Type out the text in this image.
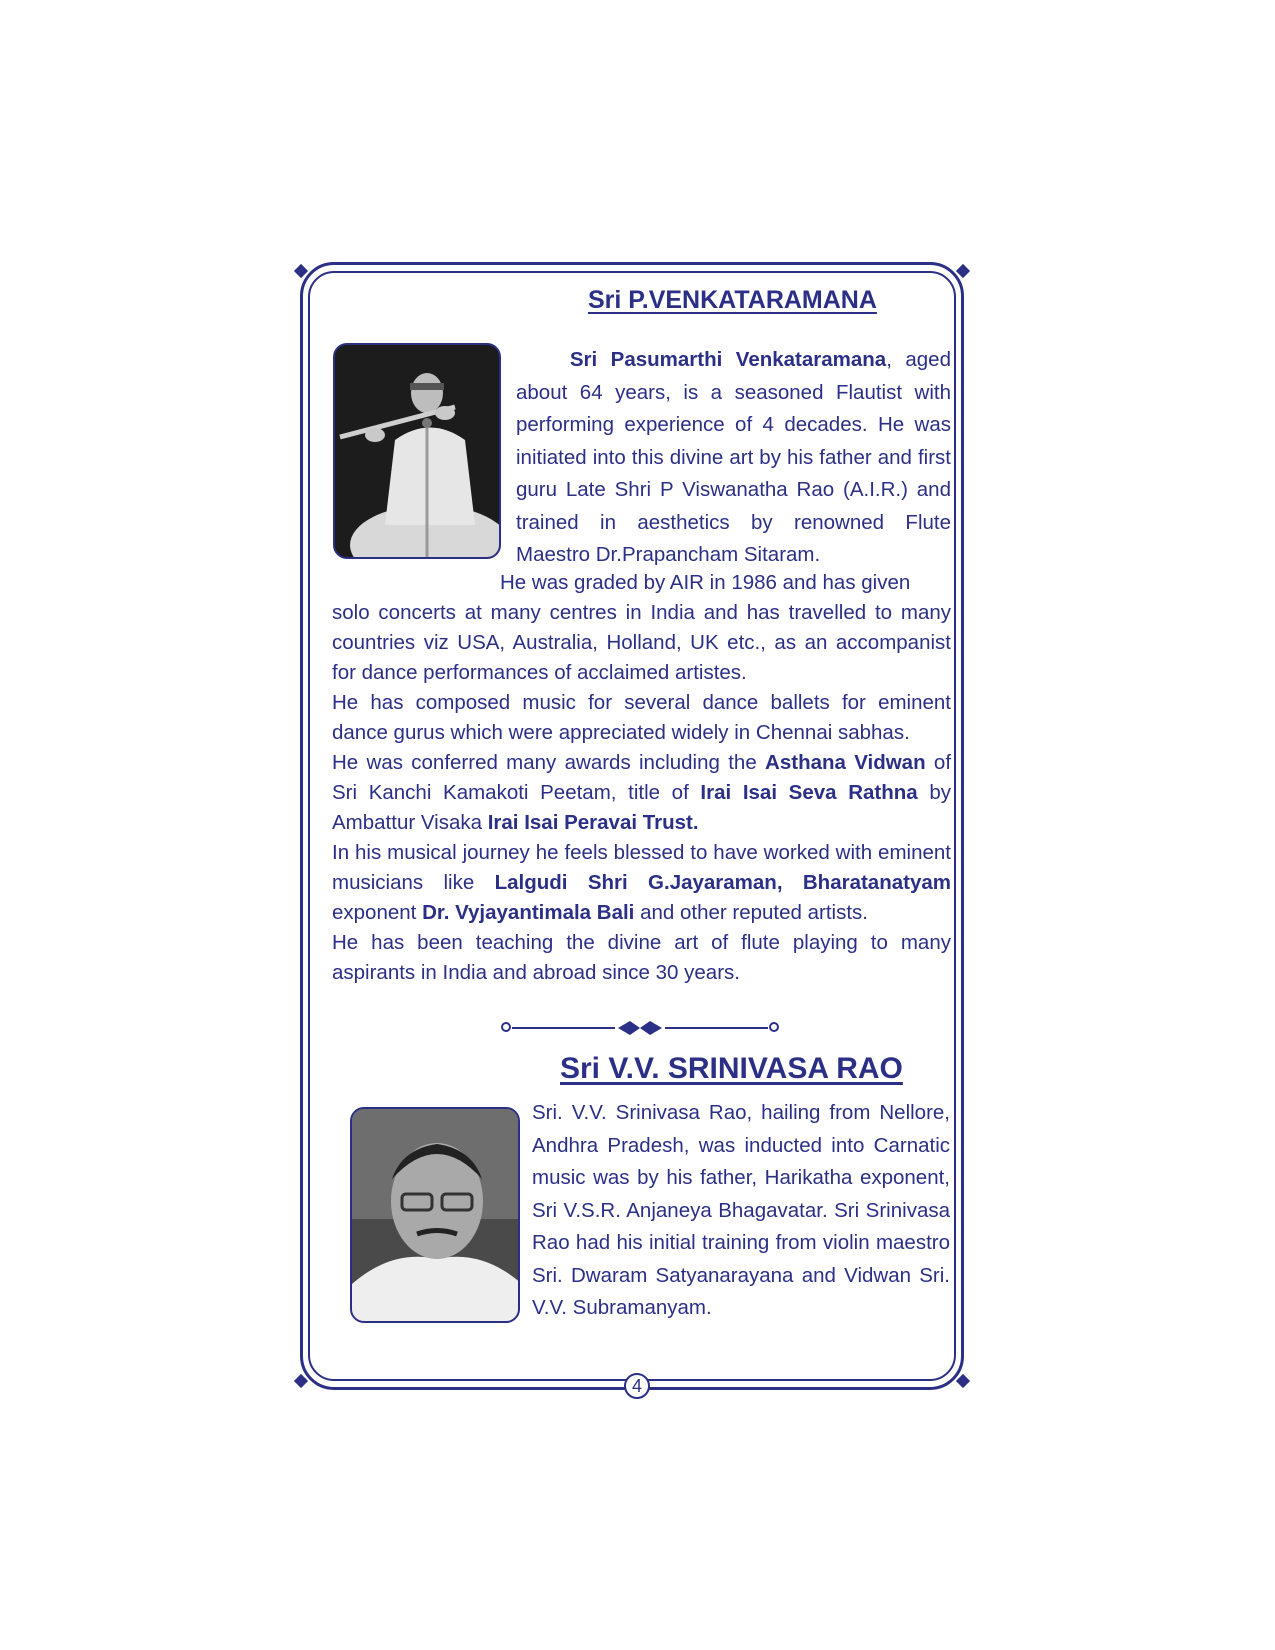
Sri P.VENKATARAMANA

Sri Pasumarthi Venkataramana, aged about 64 years, is a seasoned Flautist with performing experience of 4 decades. He was initiated into this divine art by his father and first guru Late Shri P Viswanatha Rao (A.I.R.) and trained in aesthetics by renowned Flute Maestro Dr.Prapancham Sitaram.

He was graded by AIR in 1986 and has given

solo concerts at many centres in India and has travelled to many countries viz USA, Australia, Holland, UK etc., as an accompanist for dance performances of acclaimed artistes.

He has composed music for several dance ballets for eminent dance gurus which were appreciated widely in Chennai sabhas.

He was conferred many awards including the Asthana Vidwan of Sri Kanchi Kamakoti Peetam, title of Irai Isai Seva Rathna by Ambattur Visaka Irai Isai Peravai Trust.

In his musical journey he feels blessed to have worked with eminent musicians like Lalgudi Shri G.Jayaraman, Bharatanatyam exponent Dr. Vyjayantimala Bali and other reputed artists.

He has been teaching the divine art of flute playing to many aspirants in India and abroad since 30 years.

Sri V.V. SRINIVASA RAO
Sri. V.V. Srinivasa Rao, hailing from Nellore, Andhra Pradesh, was inducted into Carnatic music was by his father, Harikatha exponent, Sri V.S.R. Anjaneya Bhagavatar. Sri Srinivasa Rao had his initial training from violin maestro Sri. Dwaram Satyanarayana and Vidwan Sri. V.V. Subramanyam.
4
